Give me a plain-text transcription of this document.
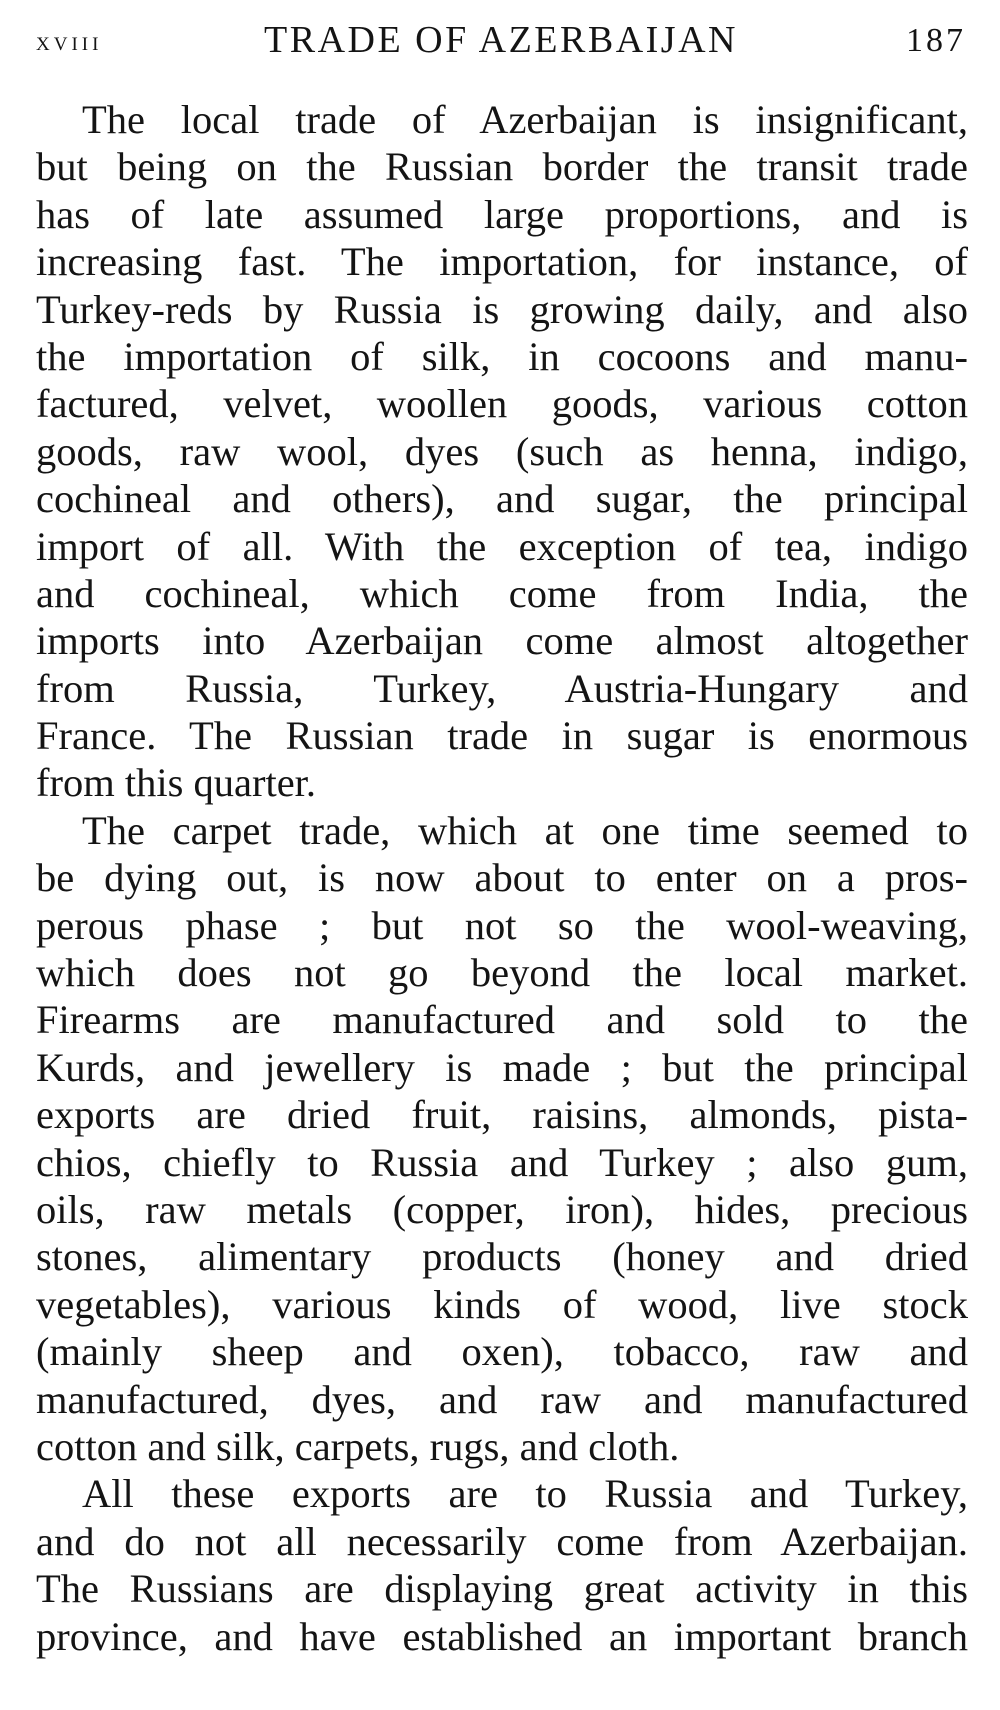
xviii	TRADE OF AZERBAIJAN	187
The local trade of Azerbaijan is insignificant,
but being on the Russian border the transit trade
has of late assumed large proportions, and is
increasing fast. The importation, for instance, of
Turkey-reds by Russia is growing daily, and also
the importation of silk, in cocoons and manu-
factured, velvet, woollen goods, various cotton
goods, raw wool, dyes (such as henna, indigo,
cochineal and others), and sugar, the principal
import of all. With the exception of tea, indigo
and cochineal, which come from India, the
imports into Azerbaijan come almost altogether
from Russia, Turkey, Austria-Hungary and
France. The Russian trade in sugar is enormous
from this quarter.
The carpet trade, which at one time seemed to
be dying out, is now about to enter on a pros-
perous phase ; but not so the wool-weaving,
which does not go beyond the local market.
Firearms are manufactured and sold to the
Kurds, and jewellery is made ; but the principal
exports are dried fruit, raisins, almonds, pista-
chios, chiefly to Russia and Turkey ; also gum,
oils, raw metals (copper, iron), hides, precious
stones, alimentary products (honey and dried
vegetables), various kinds of wood, live stock
(mainly sheep and oxen), tobacco, raw and
manufactured, dyes, and raw and manufactured
cotton and silk, carpets, rugs, and cloth.
All these exports are to Russia and Turkey,
and do not all necessarily come from Azerbaijan.
The Russians are displaying great activity in this
province, and have established an important branch
